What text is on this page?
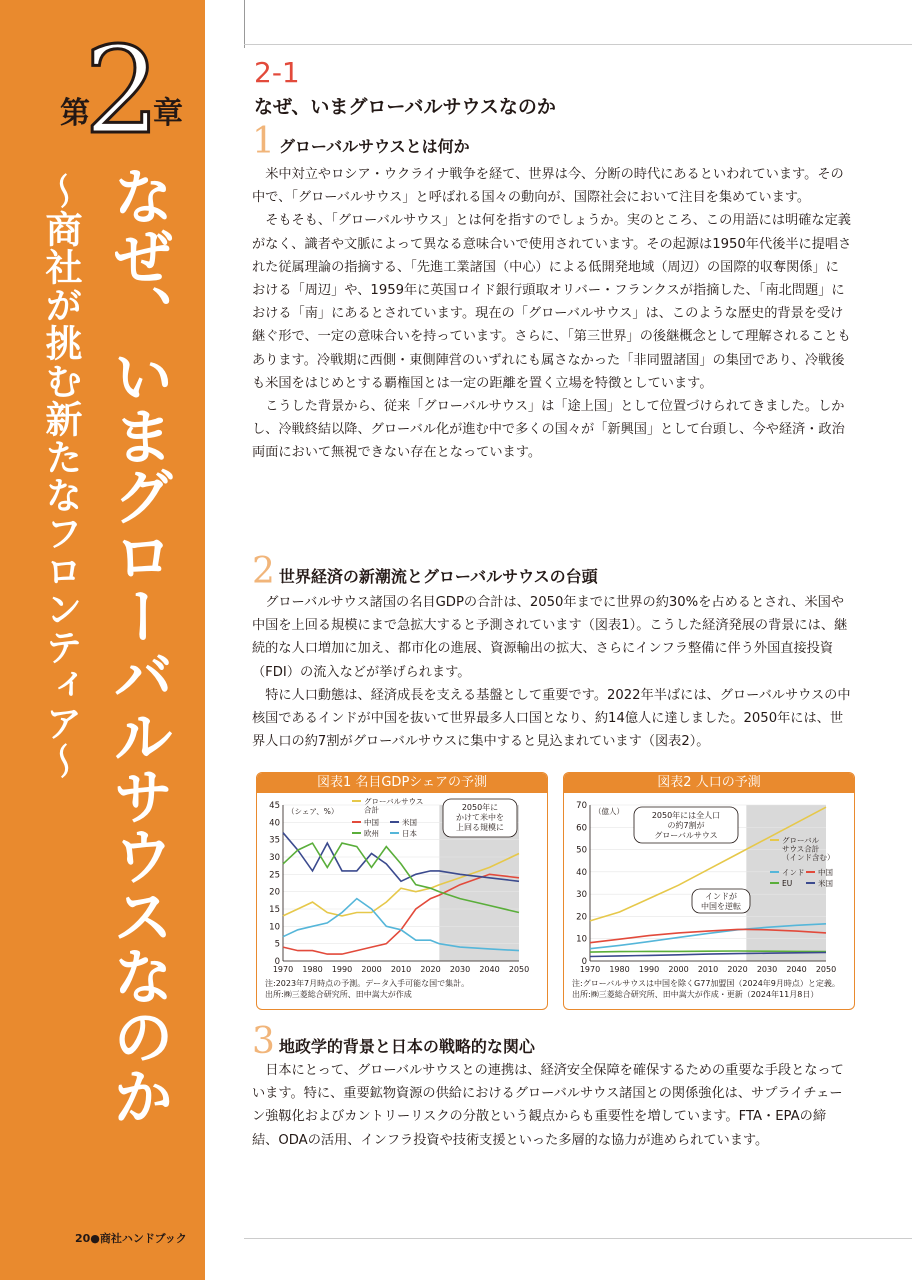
第
2
章
なぜ、いまグローバルサウスなのか
〜商社が挑む新たなフロンティア〜
20●商社ハンドブック
2-1
なぜ、いまグローバルサウスなのか
1 グローバルサウスとは何か

米中対立やロシア・ウクライナ戦争を経て、世界は今、分断の時代にあるといわれています。その中で、「グローバルサウス」と呼ばれる国々の動向が、国際社会において注目を集めています。

そもそも、「グローバルサウス」とは何を指すのでしょうか。実のところ、この用語には明確な定義がなく、識者や文脈によって異なる意味合いで使用されています。その起源は1950年代後半に提唱された従属理論の指摘する、「先進工業諸国（中心）による低開発地域（周辺）の国際的収奪関係」における「周辺」や、1959年に英国ロイド銀行頭取オリバー・フランクスが指摘した、「南北問題」における「南」にあるとされています。現在の「グローバルサウス」は、このような歴史的背景を受け継ぐ形で、一定の意味合いを持っています。さらに、「第三世界」の後継概念として理解されることもあります。冷戦期に西側・東側陣営のいずれにも属さなかった「非同盟諸国」の集団であり、冷戦後も米国をはじめとする覇権国とは一定の距離を置く立場を特徴としています。

こうした背景から、従来「グローバルサウス」は「途上国」として位置づけられてきました。しかし、冷戦終結以降、グローバル化が進む中で多くの国々が「新興国」として台頭し、今や経済・政治両面において無視できない存在となっています。

2 世界経済の新潮流とグローバルサウスの台頭

グローバルサウス諸国の名目GDPの合計は、2050年までに世界の約30%を占めるとされ、米国や中国を上回る規模にまで急拡大すると予測されています（図表1）。こうした経済発展の背景には、継続的な人口増加に加え、都市化の進展、資源輸出の拡大、さらにインフラ整備に伴う外国直接投資（FDI）の流入などが挙げられます。

特に人口動態は、経済成長を支える基盤として重要です。2022年半ばには、グローバルサウスの中核国であるインドが中国を抜いて世界最多人口国となり、約14億人に達しました。2050年には、世界人口の約7割がグローバルサウスに集中すると見込まれています（図表2）。

図表1 名目GDPシェアの予測
0
5
10
15
20
25
30
35
40
45
1970 1980 1990 2000 2010 2020 2030 2040 2050
（シェア、%）
グローバルサウス
合計
中国	米国
欧州	日本
2050年に
かけて米中を
上回る規模に
注:2023年7月時点の予測。データ入手可能な国で集計。
出所:㈱三菱総合研究所、田中嵩大が作成
図表2 人口の予測
0
10
20
30
40
50
60
70
1970 1980 1990 2000 2010 2020 2030 2040 2050
（億人）
グローバル
サウス合計
（インド含む）
インド 中国
EU	米国
2050年には全人口
の約7割が
グローバルサウス
インドが
中国を逆転
注:グローバルサウスは中国を除くG77加盟国（2024年9月時点）と定義。
出所:㈱三菱総合研究所、田中嵩大が作成・更新（2024年11月8日）
3 地政学的背景と日本の戦略的な関心

日本にとって、グローバルサウスとの連携は、経済安全保障を確保するための重要な手段となっています。特に、重要鉱物資源の供給におけるグローバルサウス諸国との関係強化は、サプライチェーン強靱化およびカントリーリスクの分散という観点からも重要性を増しています。FTA・EPAの締結、ODAの活用、インフラ投資や技術支援といった多層的な協力が進められています。
